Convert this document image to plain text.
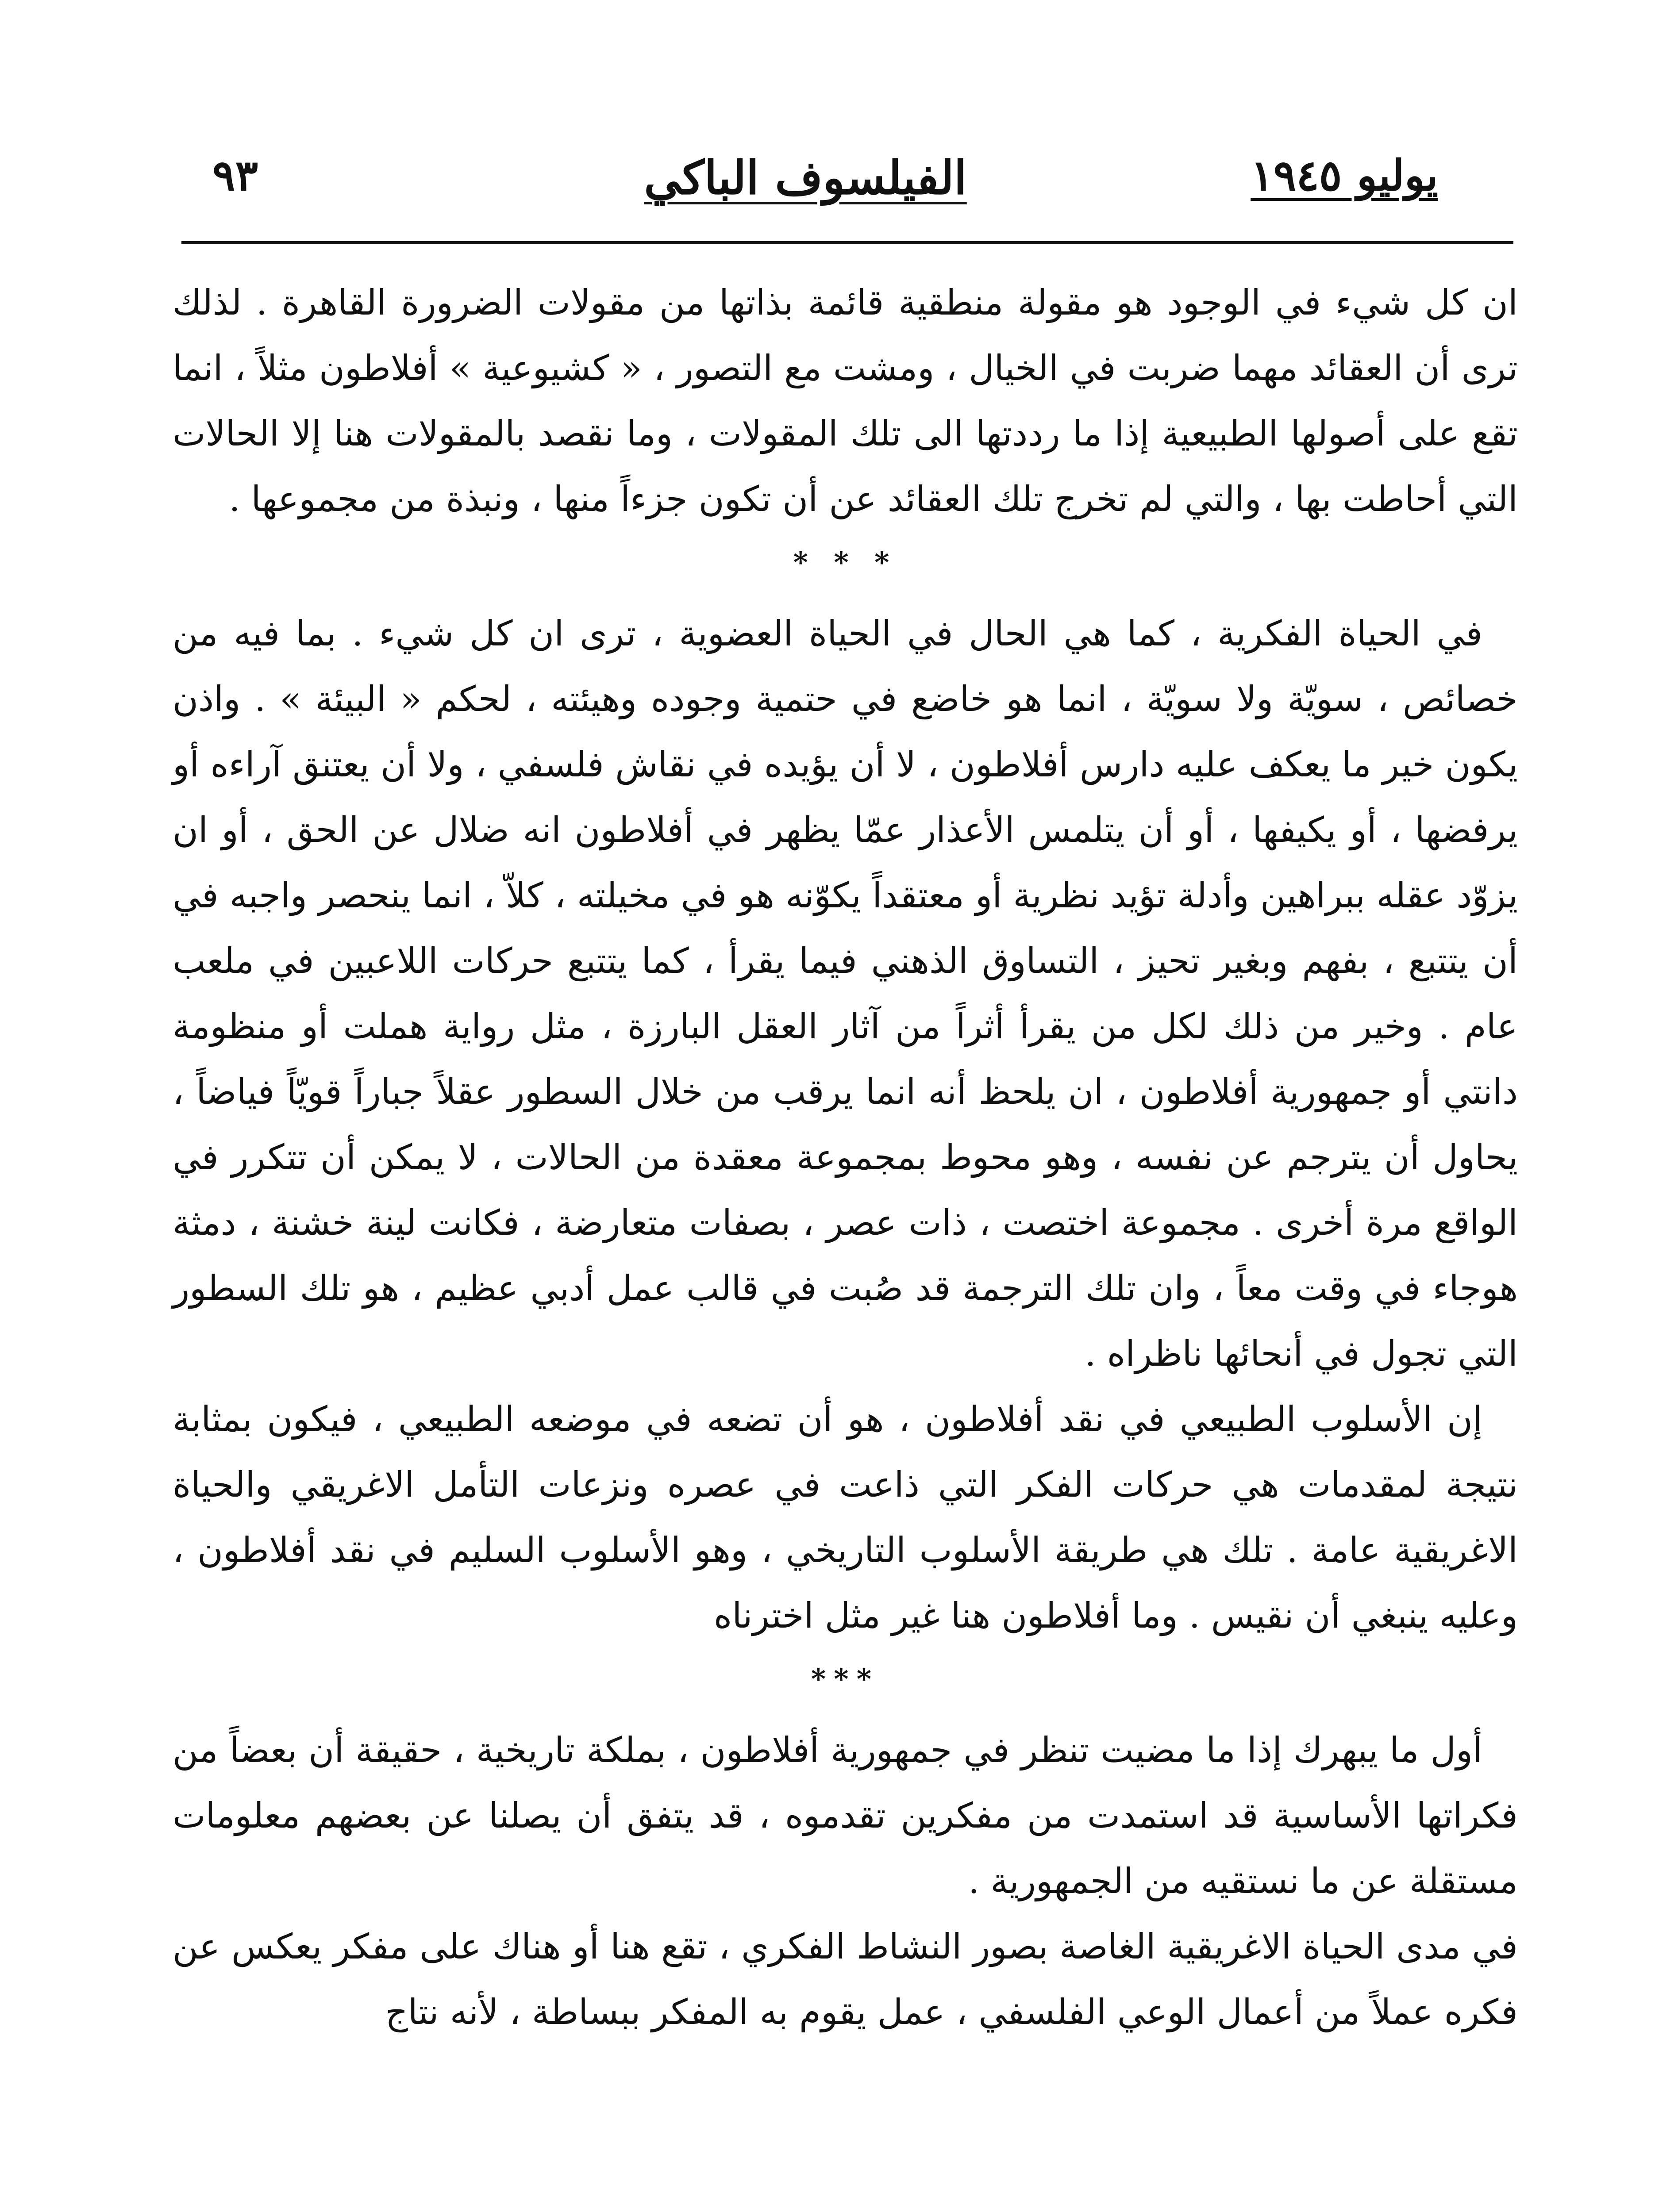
يوليو ١٩٤٥
الفيلسوف الباكي
٩٣

ان كل شيء في الوجود هو مقولة منطقية قائمة بذاتها من مقولات الضرورة القاهرة . لذلك ترى أن العقائد مهما ضربت في الخيال ، ومشت مع التصور ، « كشيوعية » أفلاطون مثلاً ، انما تقع على أصولها الطبيعية إذا ما رددتها الى تلك المقولات ، وما نقصد بالمقولات هنا إلا الحالات التي أحاطت بها ، والتي لم تخرج تلك العقائد عن أن تكون جزءاً منها ، ونبذة من مجموعها .

* * *

في الحياة الفكرية ، كما هي الحال في الحياة العضوية ، ترى ان كل شيء . بما فيه من خصائص ، سويّة ولا سويّة ، انما هو خاضع في حتمية وجوده وهيئته ، لحكم « البيئة » . واذن يكون خير ما يعكف عليه دارس أفلاطون ، لا أن يؤيده في نقاش فلسفي ، ولا أن يعتنق آراءه أو يرفضها ، أو يكيفها ، أو أن يتلمس الأعذار عمّا يظهر في أفلاطون انه ضلال عن الحق ، أو ان يزوّد عقله ببراهين وأدلة تؤيد نظرية أو معتقداً يكوّنه هو في مخيلته ، كلاّ ، انما ينحصر واجبه في أن يتتبع ، بفهم وبغير تحيز ، التساوق الذهني فيما يقرأ ، كما يتتبع حركات اللاعبين في ملعب عام . وخير من ذلك لكل من يقرأ أثراً من آثار العقل البارزة ، مثل رواية هملت أو منظومة دانتي أو جمهورية أفلاطون ، ان يلحظ أنه انما يرقب من خلال السطور عقلاً جباراً قويّاً فياضاً ، يحاول أن يترجم عن نفسه ، وهو محوط بمجموعة معقدة من الحالات ، لا يمكن أن تتكرر في الواقع مرة أخرى . مجموعة اختصت ، ذات عصر ، بصفات متعارضة ، فكانت لينة خشنة ، دمثة هوجاء في وقت معاً ، وان تلك الترجمة قد صُبت في قالب عمل أدبي عظيم ، هو تلك السطور التي تجول في أنحائها ناظراه .

إن الأسلوب الطبيعي في نقد أفلاطون ، هو أن تضعه في موضعه الطبيعي ، فيكون بمثابة نتيجة لمقدمات هي حركات الفكر التي ذاعت في عصره ونزعات التأمل الاغريقي والحياة الاغريقية عامة . تلك هي طريقة الأسلوب التاريخي ، وهو الأسلوب السليم في نقد أفلاطون ، وعليه ينبغي أن نقيس . وما أفلاطون هنا غير مثل اخترناه

***

أول ما يبهرك إذا ما مضيت تنظر في جمهورية أفلاطون ، بملكة تاريخية ، حقيقة أن بعضاً من فكراتها الأساسية قد استمدت من مفكرين تقدموه ، قد يتفق أن يصلنا عن بعضهم معلومات مستقلة عن ما نستقيه من الجمهورية .

في مدى الحياة الاغريقية الغاصة بصور النشاط الفكري ، تقع هنا أو هناك على مفكر يعكس عن فكره عملاً من أعمال الوعي الفلسفي ، عمل يقوم به المفكر ببساطة ، لأنه نتاج
